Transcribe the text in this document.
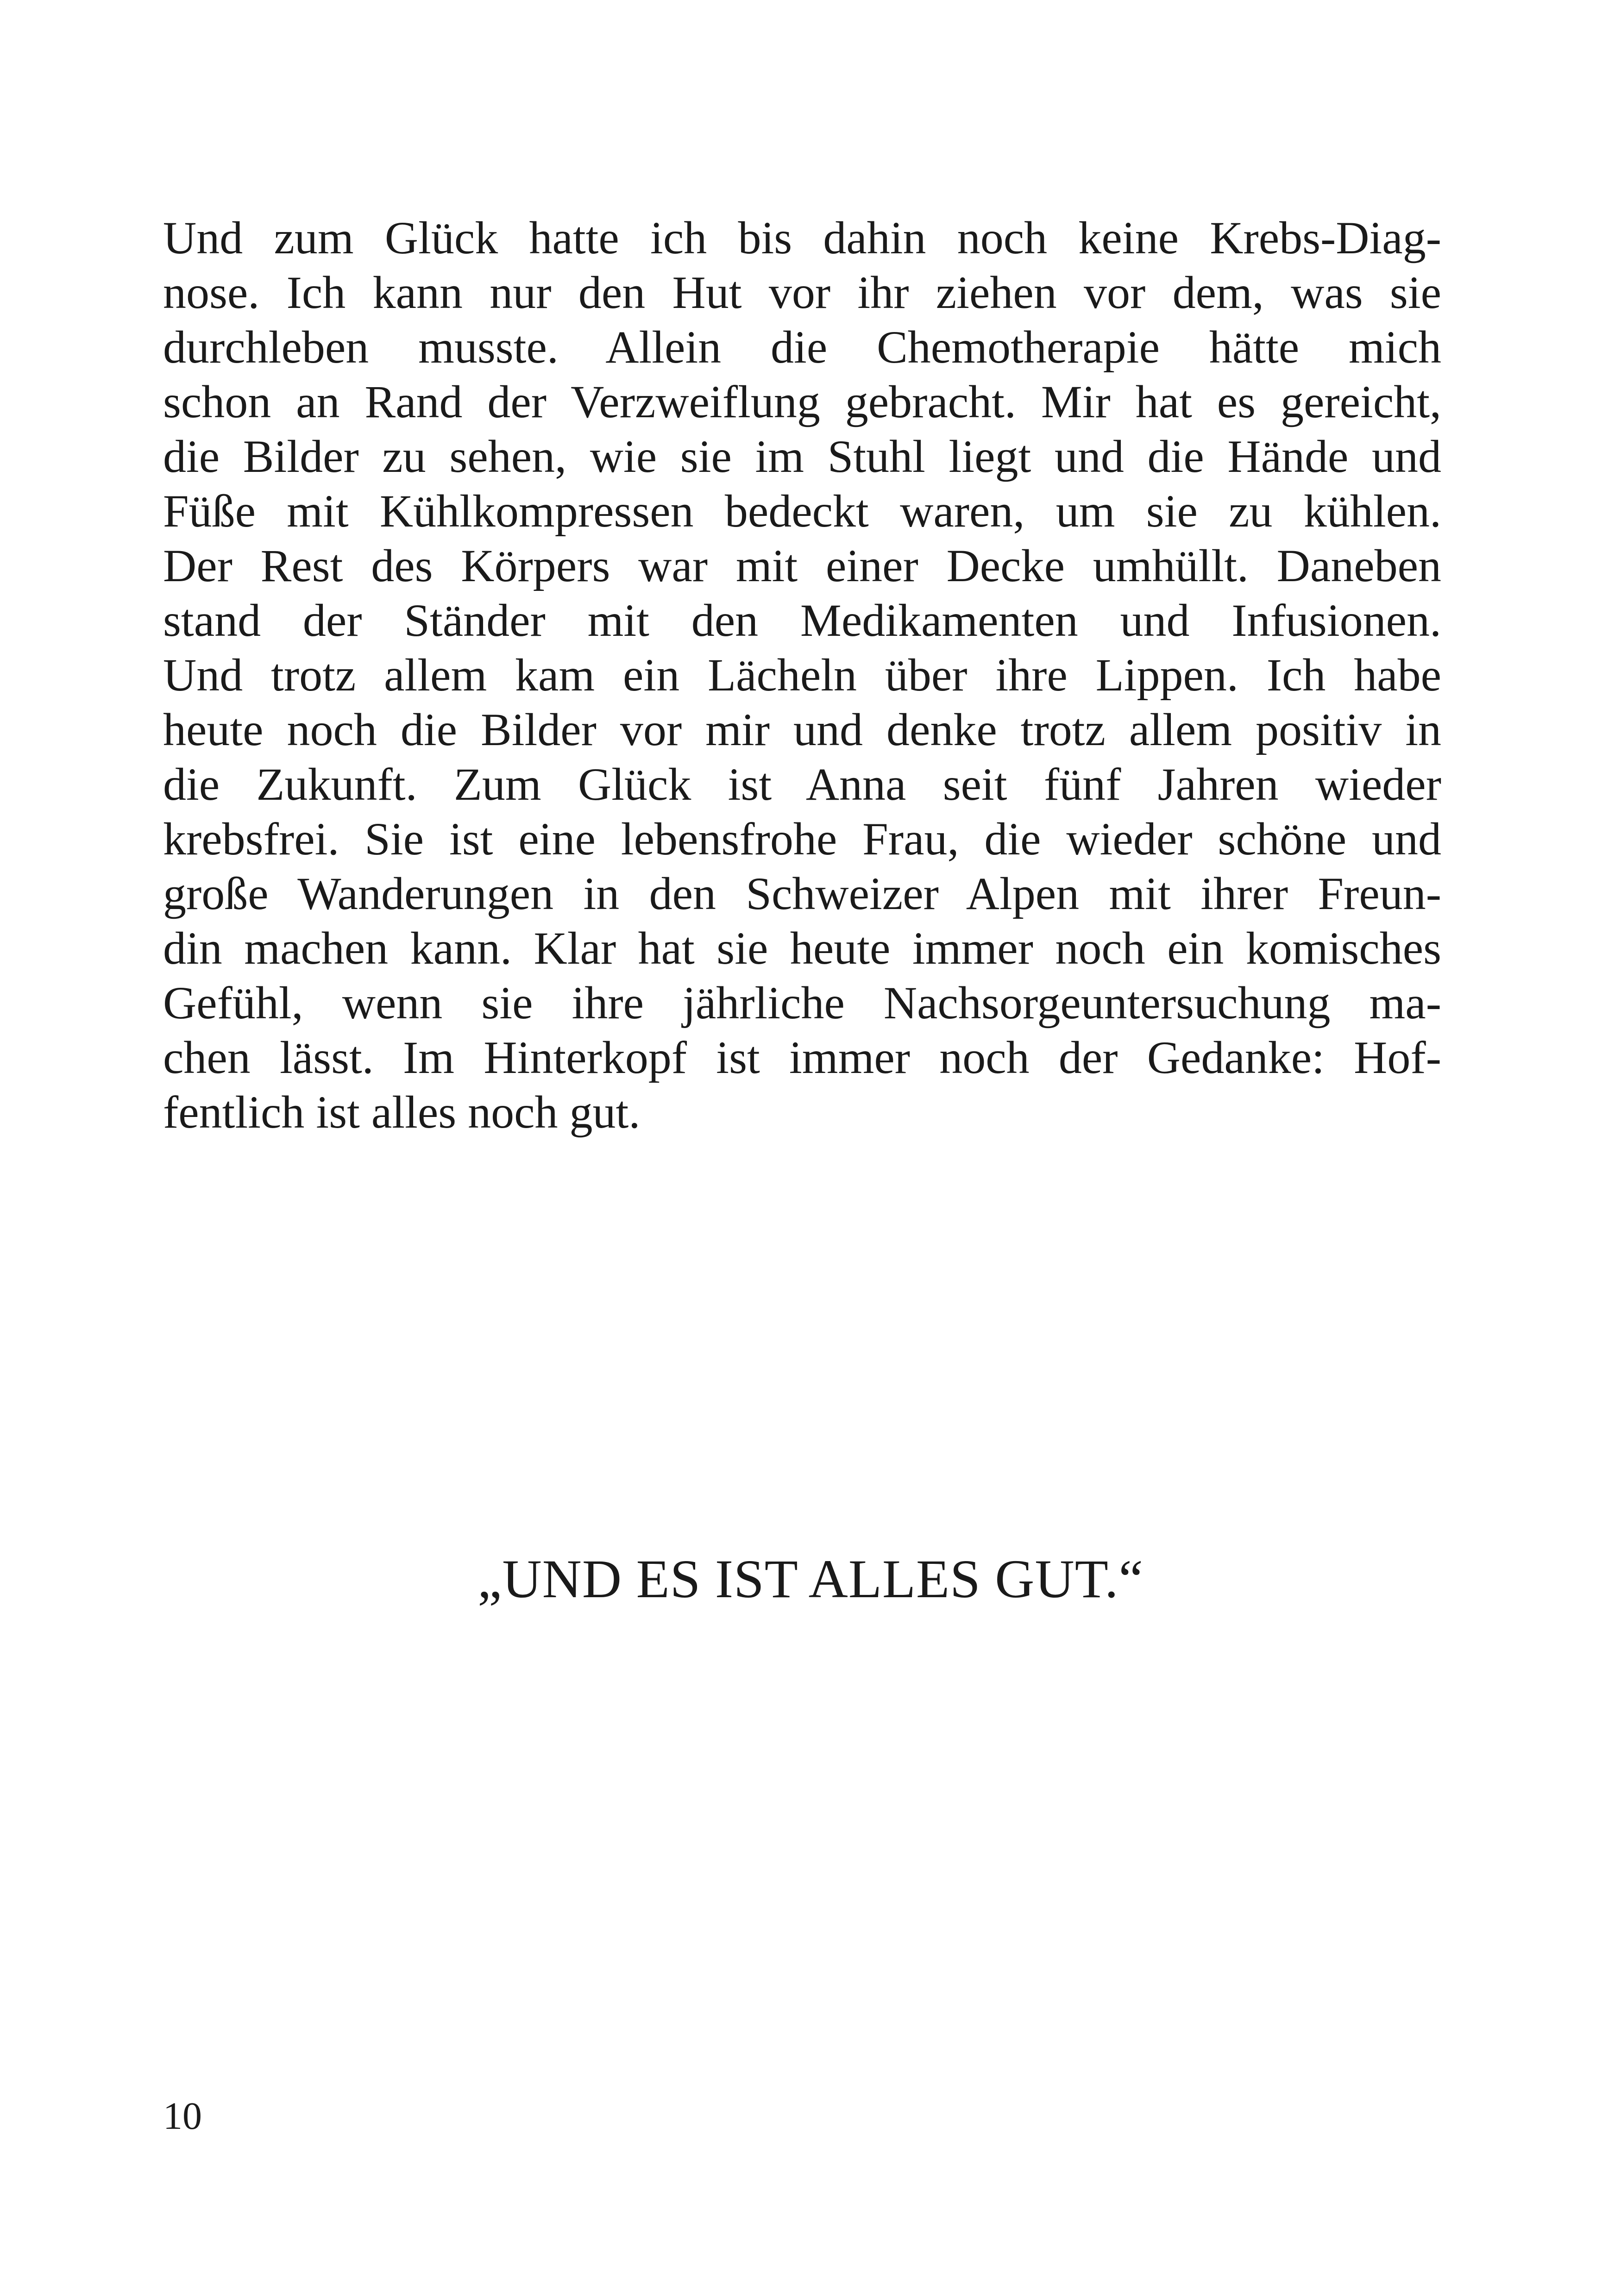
Und zum Glück hatte ich bis dahin noch keine Krebs-Diag-
nose. Ich kann nur den Hut vor ihr ziehen vor dem, was sie
durchleben musste. Allein die Chemotherapie hätte mich
schon an Rand der Verzweiflung gebracht. Mir hat es gereicht,
die Bilder zu sehen, wie sie im Stuhl liegt und die Hände und
Füße mit Kühlkompressen bedeckt waren, um sie zu kühlen.
Der Rest des Körpers war mit einer Decke umhüllt. Daneben
stand der Ständer mit den Medikamenten und Infusionen.
Und trotz allem kam ein Lächeln über ihre Lippen. Ich habe
heute noch die Bilder vor mir und denke trotz allem positiv in
die Zukunft. Zum Glück ist Anna seit fünf Jahren wieder
krebsfrei. Sie ist eine lebensfrohe Frau, die wieder schöne und
große Wanderungen in den Schweizer Alpen mit ihrer Freun-
din machen kann. Klar hat sie heute immer noch ein komisches
Gefühl, wenn sie ihre jährliche Nachsorgeuntersuchung ma-
chen lässt. Im Hinterkopf ist immer noch der Gedanke: Hof-
fentlich ist alles noch gut.

„UND ES IST ALLES GUT.“

10
